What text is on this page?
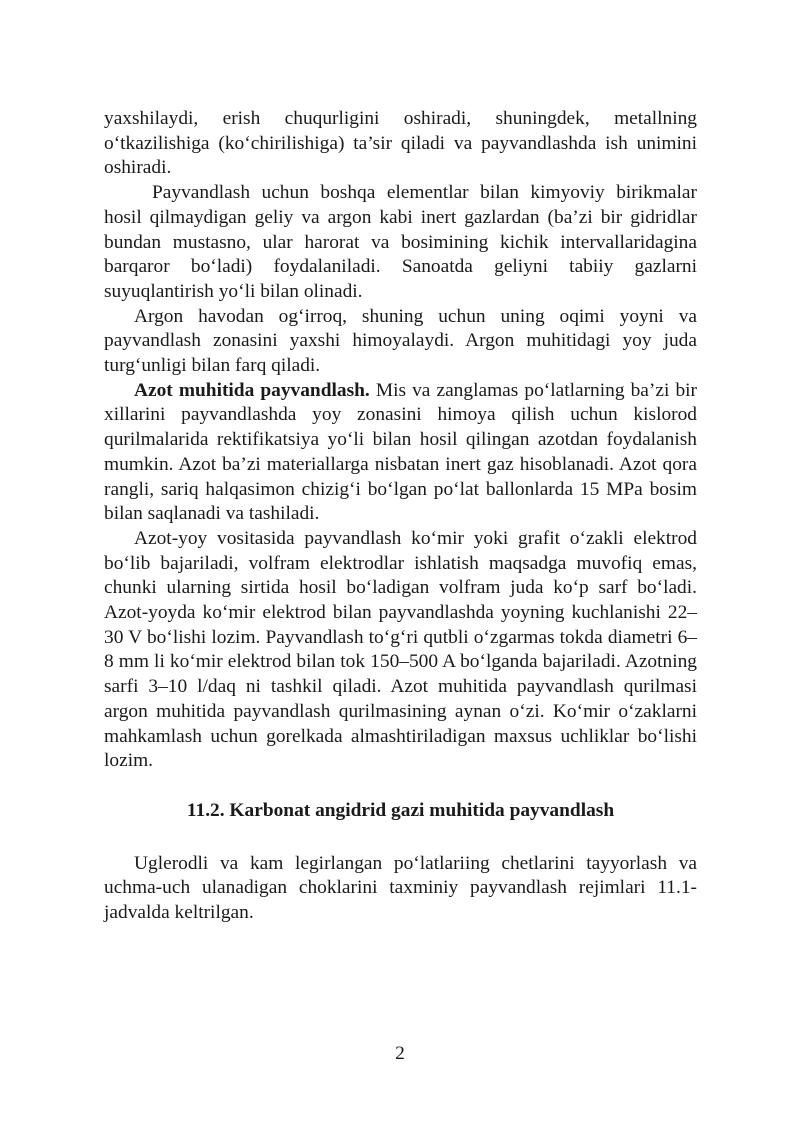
yaxshilaydi, erish chuqurligini oshiradi, shuningdek, metallning o‘tkazilishiga (ko‘chirilishiga) ta’sir qiladi va payvandlashda ish unimini oshiradi.

Payvandlash uchun boshqa elementlar bilan kimyoviy birikmalar hosil qilmaydigan geliy va argon kabi inert gazlardan (ba’zi bir gidridlar bundan mustasno, ular harorat va bosimining kichik intervallaridagina barqaror bo‘ladi) foydalaniladi. Sanoatda geliyni tabiiy gazlarni suyuqlantirish yo‘li bilan olinadi.

Argon havodan og‘irroq, shuning uchun uning oqimi yoyni va payvandlash zonasini yaxshi himoyalaydi. Argon muhitidagi yoy juda turg‘unligi bilan farq qiladi.

Azot muhitida payvandlash. Mis va zanglamas po‘latlarning ba’zi bir xillarini payvandlashda yoy zonasini himoya qilish uchun kislorod qurilmalarida rektifikatsiya yo‘li bilan hosil qilingan azotdan foydalanish mumkin. Azot ba’zi materiallarga nisbatan inert gaz hisoblanadi. Azot qora rangli, sariq halqasimon chizig‘i bo‘lgan po‘lat ballonlarda 15 MPa bosim bilan saqlanadi va tashiladi.

Azot-yoy vositasida payvandlash ko‘mir yoki grafit o‘zakli elektrod bo‘lib bajariladi, volfram elektrodlar ishlatish maqsadga muvofiq emas, chunki ularning sirtida hosil bo‘ladigan volfram juda ko‘p sarf bo‘ladi. Azot-yoyda ko‘mir elektrod bilan payvandlashda yoyning kuchlanishi 22–30 V bo‘lishi lozim. Payvandlash to‘g‘ri qutbli o‘zgarmas tokda diametri 6–8 mm li ko‘mir elektrod bilan tok 150–500 A bo‘lganda bajariladi. Azotning sarfi 3–10 l/daq ni tashkil qiladi. Azot muhitida payvandlash qurilmasi argon muhitida payvandlash qurilmasining aynan o‘zi. Ko‘mir o‘zaklarni mahkamlash uchun gorelkada almashtiriladigan maxsus uchliklar bo‘lishi lozim.

11.2. Karbonat angidrid gazi muhitida payvandlash

Uglerodli va kam legirlangan po‘latlariing chetlarini tayyorlash va uchma-uch ulanadigan choklarini taxminiy payvandlash rejimlari 11.1-jadvalda keltrilgan.

2
